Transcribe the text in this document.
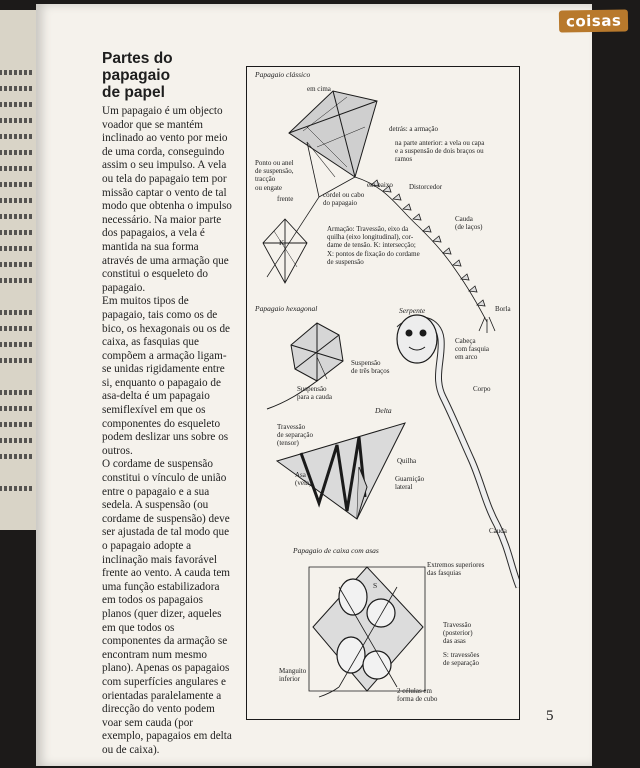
coisas
Partes do papagaio
de papel

Um papagaio é um objecto voador que se mantém inclinado ao vento por meio de uma corda, conseguindo assim o seu impulso. A vela ou tela do papagaio tem por missão captar o vento de tal modo que obtenha o impulso necessário. Na maior parte dos papagaios, a vela é mantida na sua forma através de uma armação que constitui o esqueleto do papagaio.

Em muitos tipos de papagaio, tais como os de bico, os hexagonais ou os de caixa, as fasquias que compõem a armação ligam-se unidas rigidamente entre si, enquanto o papagaio de asa-delta é um papagaio semiflexível em que os componentes do esqueleto podem deslizar uns sobre os outros.

O cordame de suspensão constitui o vínculo de união entre o papagaio e a sua sedela. A suspensão (ou cordame de suspensão) deve ser ajustada de tal modo que o papagaio adopte a inclinação mais favorável frente ao vento. A cauda tem uma função estabilizadora em todos os papagaios planos (quer dizer, aqueles em que todos os componentes da armação se encontram num mesmo plano). Apenas os papagaios com superfícies angulares e orientadas paralelamente a direcção do vento podem voar sem cauda (por exemplo, papagaios em delta ou de caixa).

Papagaio clássico
em cima
detrás: a armação
na parte anterior: a vela ou capa
e a suspensão de dois braços ou
ramos
Ponto ou anel
de suspensão,
tracção
ou engate	em baixo Distorcedor
frente	cordel ou cabo
do papagaio
Cauda
(de laços)
Armação: Travessão, eixo da
quilha (eixo longitudinal), cor-
dame de tensão. K: intersecção;
X: pontos de fixação do cordame
de suspensão
K
Borla
Papagaio hexagonal
Suspensão
de três braços
Suspensão
para a cauda
Serpente
Cabeça
com fasquia
em arco
Corpo
Cauda
Delta
Travessão
de separação
(tensor)
Quilha
Asa
(vela)
Guarnição
lateral
Papagaio de caixa com asas
Extremos superiores
das fasquias
Travessão
(posterior)
das asas
S: travessões
de separação
S
Manguito
inferior
2 células em
forma de cubo
5
